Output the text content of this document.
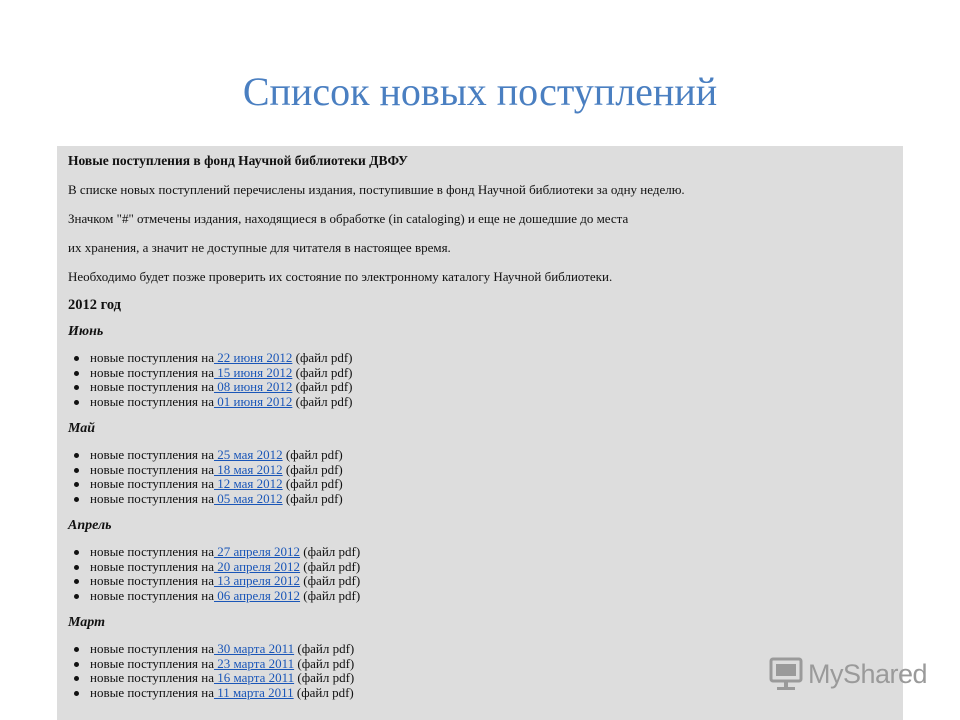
Список новых поступлений

Новые поступления в фонд Научной библиотеки ДВФУ

В списке новых поступлений перечислены издания, поступившие в фонд Научной библиотеки за одну неделю.

Значком "#" отмечены издания, находящиеся в обработке (in cataloging) и еще не дошедшие до места

их хранения, а значит не доступные для читателя в настоящее время.

Необходимо будет позже проверить их состояние по электронному каталогу Научной библиотеки.

2012 год

Июнь

новые поступления на 22 июня 2012 (файл pdf)
новые поступления на 15 июня 2012 (файл pdf)
новые поступления на 08 июня 2012 (файл pdf)
новые поступления на 01 июня 2012 (файл pdf)

Май

новые поступления на 25 мая 2012 (файл pdf)
новые поступления на 18 мая 2012 (файл pdf)
новые поступления на 12 мая 2012 (файл pdf)
новые поступления на 05 мая 2012 (файл pdf)

Апрель

новые поступления на 27 апреля 2012 (файл pdf)
новые поступления на 20 апреля 2012 (файл pdf)
новые поступления на 13 апреля 2012 (файл pdf)
новые поступления на 06 апреля 2012 (файл pdf)

Март

новые поступления на 30 марта 2011 (файл pdf)
новые поступления на 23 марта 2011 (файл pdf)
новые поступления на 16 марта 2011 (файл pdf)
новые поступления на 11 марта 2011 (файл pdf)
MyShared
